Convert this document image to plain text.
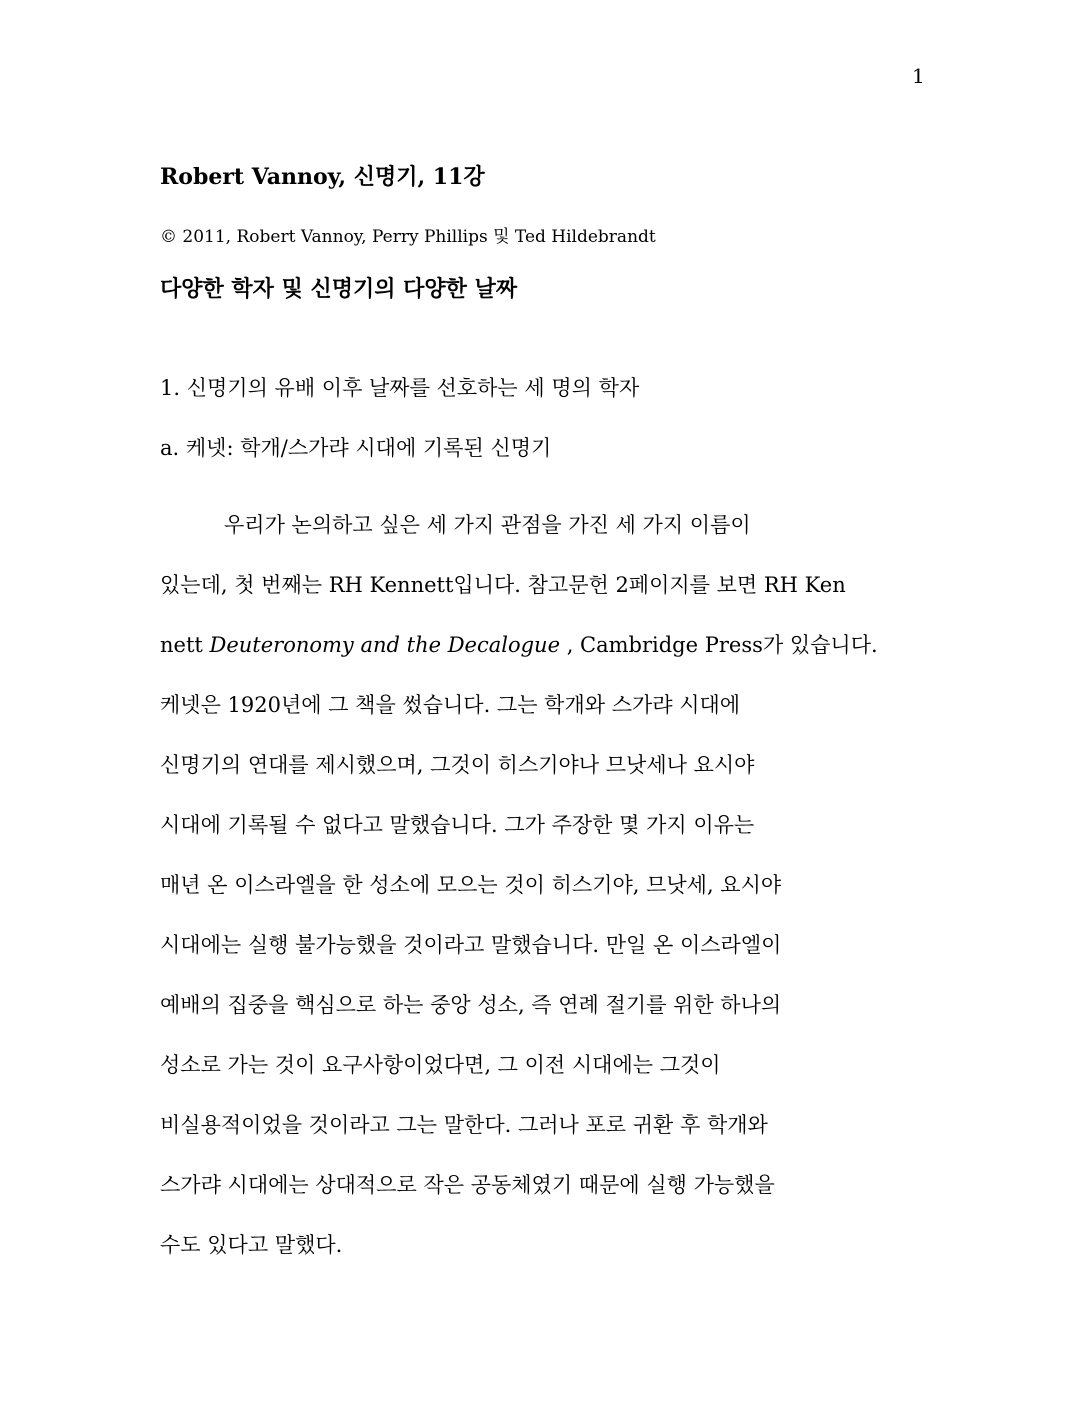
1
Robert Vannoy, 신명기, 11강
© 2011, Robert Vannoy, Perry Phillips 및 Ted Hildebrandt
다양한 학자 및 신명기의 다양한 날짜
1. 신명기의 유배 이후 날짜를 선호하는 세 명의 학자
a. 케넷: 학개/스가랴 시대에 기록된 신명기
우리가 논의하고 싶은 세 가지 관점을 가진 세 가지 이름이
있는데, 첫 번째는 RH Kennett입니다. 참고문헌 2페이지를 보면 RH Ken
nett Deuteronomy and the Decalogue , Cambridge Press가 있습니다.
케넷은 1920년에 그 책을 썼습니다. 그는 학개와 스가랴 시대에
신명기의 연대를 제시했으며, 그것이 히스기야나 므낫세나 요시야
시대에 기록될 수 없다고 말했습니다. 그가 주장한 몇 가지 이유는
매년 온 이스라엘을 한 성소에 모으는 것이 히스기야, 므낫세, 요시야
시대에는 실행 불가능했을 것이라고 말했습니다. 만일 온 이스라엘이
예배의 집중을 핵심으로 하는 중앙 성소, 즉 연례 절기를 위한 하나의
성소로 가는 것이 요구사항이었다면, 그 이전 시대에는 그것이
비실용적이었을 것이라고 그는 말한다. 그러나 포로 귀환 후 학개와
스가랴 시대에는 상대적으로 작은 공동체였기 때문에 실행 가능했을
수도 있다고 말했다.
